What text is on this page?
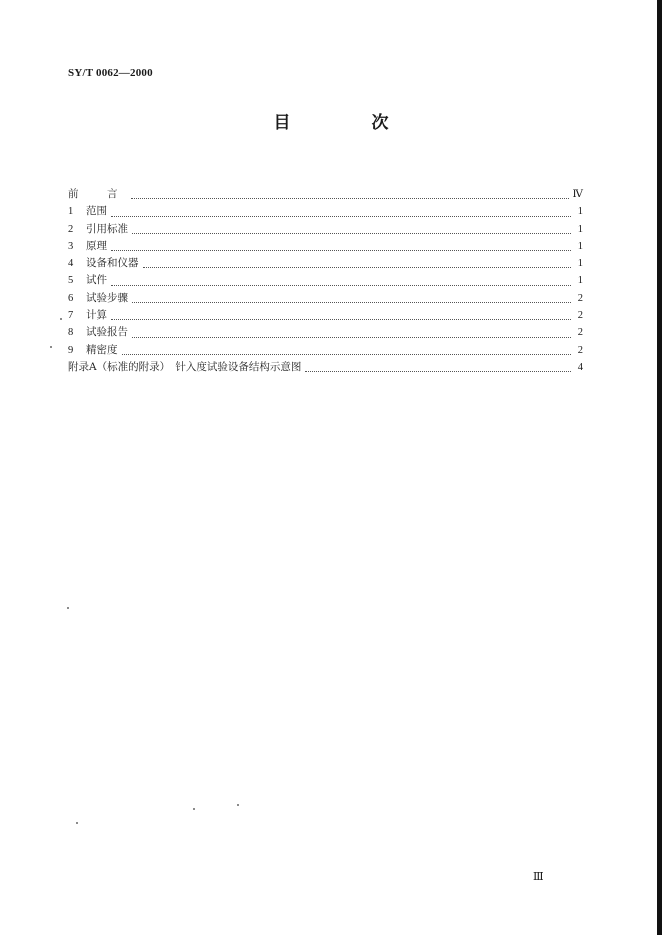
SY/T 0062—2000
目　次
前　言	Ⅳ
1	范围	1
2	引用标准	1
3	原理	1
4	设备和仪器	1
5	试件	1
6	试验步骤	2
7	计算	2
8	试验报告	2
9	精密度	2
附录A（标准的附录）　针入度试验设备结构示意图	4
Ⅲ
